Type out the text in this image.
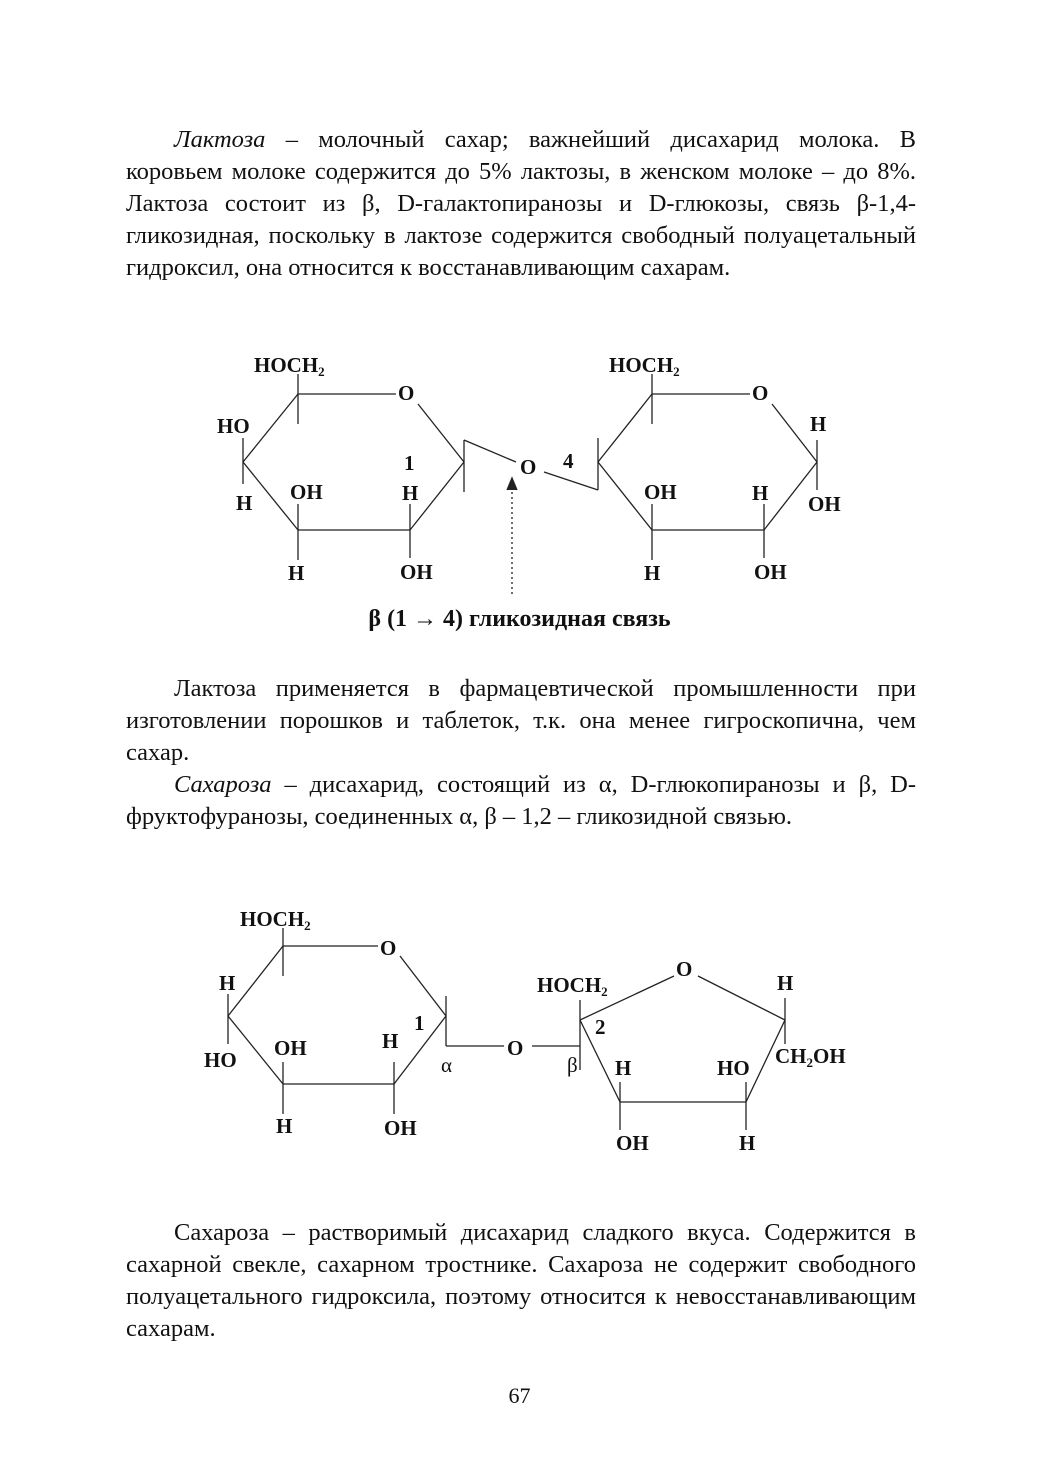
Лактоза – молочный сахар; важнейший дисахарид молока. В коровьем молоке содержится до 5% лактозы, в женском молоке – до 8%. Лактоза состоит из β, D-галактопиранозы и D-глюкозы, связь β-1,4-гликозидная, поскольку в лактозе содержится свободный полуацетальный гидроксил, она относится к восстанавливающим сахарам.

HOCH2
O
HO
1
H OH	H
H	OH
O 4
HOCH2
O
H
OH
OH	H
H	OH

β (1 → 4) гликозидная связь

Лактоза применяется в фармацевтической промышленности при изготовлении порошков и таблеток, т.к. она менее гигроскопична, чем сахар.

Сахароза – дисахарид, состоящий из α, D-глюкопиранозы и β, D-фруктофуранозы, соединенных α, β – 1,2 – гликозидной связью.

HOCH2
O
H
1
OH	H
HO	α
H	OH
O
β
HOCH2
2
O
H
CH2OH
H	HO
OH	H

Сахароза – растворимый дисахарид сладкого вкуса. Содержится в сахарной свекле, сахарном тростнике. Сахароза не содержит свободного полуацетального гидроксила, поэтому относится к невосстанавливающим сахарам.

67
